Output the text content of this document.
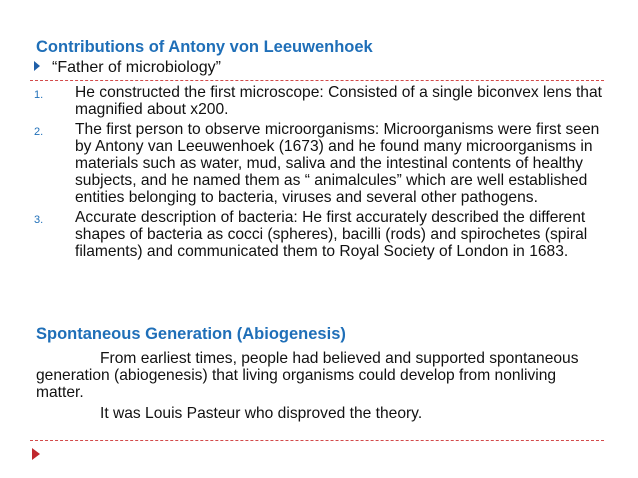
Contributions of Antony von Leeuwenhoek
“Father of microbiology”
1.	He constructed the first microscope: Consisted of a single biconvex lens that magnified about x200.
2.	The first person to observe microorganisms: Microorganisms were first seen by Antony van Leeuwenhoek (1673) and he found many microorganisms in materials such as water, mud, saliva and the intestinal contents of healthy subjects, and he named them as “ animalcules” which are well established entities belonging to bacteria, viruses and several other pathogens.
3.	Accurate description of bacteria: He first accurately described the different shapes of bacteria as cocci (spheres), bacilli (rods) and spirochetes (spiral filaments) and communicated them to Royal Society of London in 1683.
Spontaneous Generation (Abiogenesis)
From earliest times, people had believed and supported spontaneous generation (abiogenesis) that living organisms could develop from nonliving matter.
It was Louis Pasteur who disproved the theory.
